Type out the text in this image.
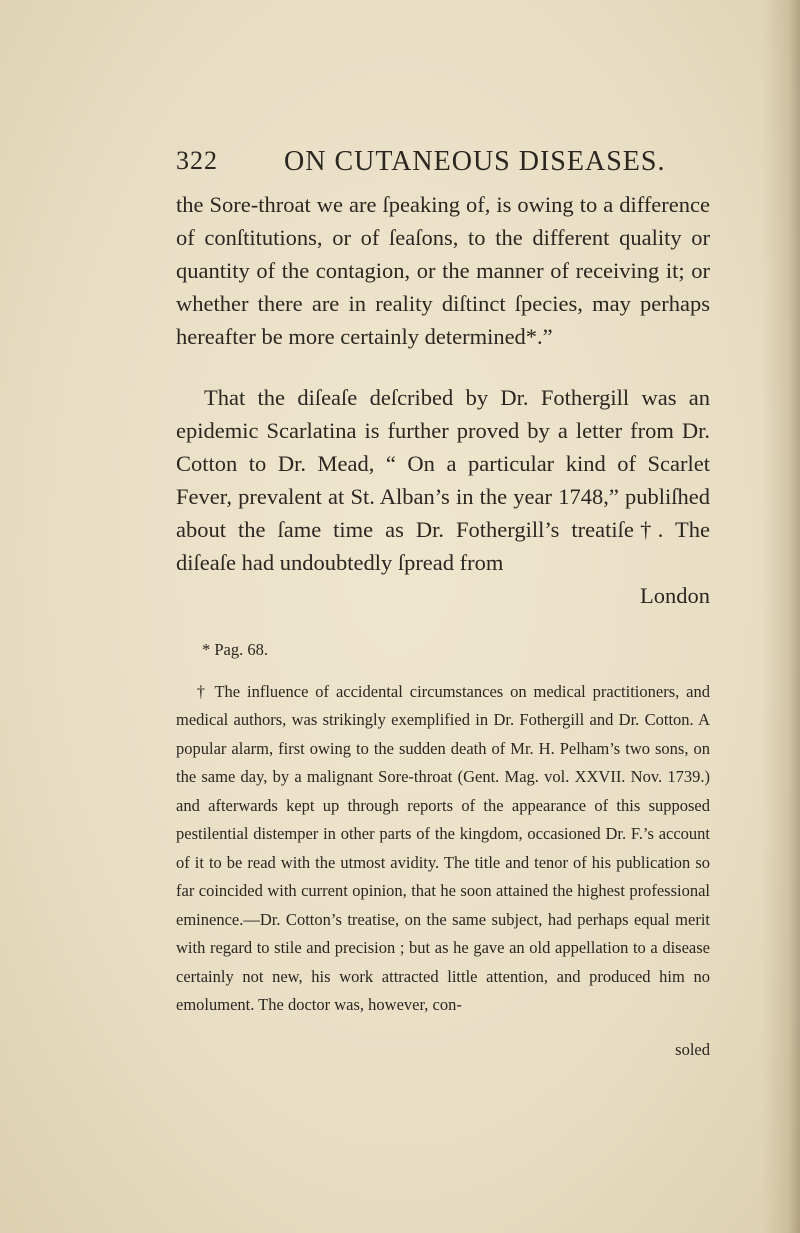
322 ON CUTANEOUS DISEASES.

the Sore-throat we are ſpeaking of, is owing to a difference of conſtitutions, or of ſeaſons, to the different quality or quantity of the contagion, or the manner of receiving it; or whether there are in reality diſtinct ſpecies, may perhaps hereafter be more certainly determined*.”

That the diſeaſe deſcribed by Dr. Fothergill was an epidemic Scarlatina is further proved by a letter from Dr. Cotton to Dr. Mead, “ On a particular kind of Scarlet Fever, prevalent at St. Alban’s in the year 1748,” publiſhed about the ſame time as Dr. Fothergill’s treatiſe†. The diſeaſe had undoubtedly ſpread from

London

* Pag. 68.

† The influence of accidental circumstances on medical practitioners, and medical authors, was strikingly exemplified in Dr. Fothergill and Dr. Cotton. A popular alarm, first owing to the sudden death of Mr. H. Pelham’s two sons, on the same day, by a malignant Sore-throat (Gent. Mag. vol. XXVII. Nov. 1739.) and afterwards kept up through reports of the appearance of this supposed pestilential distemper in other parts of the kingdom, occasioned Dr. F.’s account of it to be read with the utmost avidity. The title and tenor of his publication so far coincided with current opinion, that he soon attained the highest professional eminence.—Dr. Cotton’s treatise, on the same subject, had perhaps equal merit with regard to stile and precision ; but as he gave an old appellation to a disease certainly not new, his work attracted little attention, and produced him no emolument. The doctor was, however, con-

soled
